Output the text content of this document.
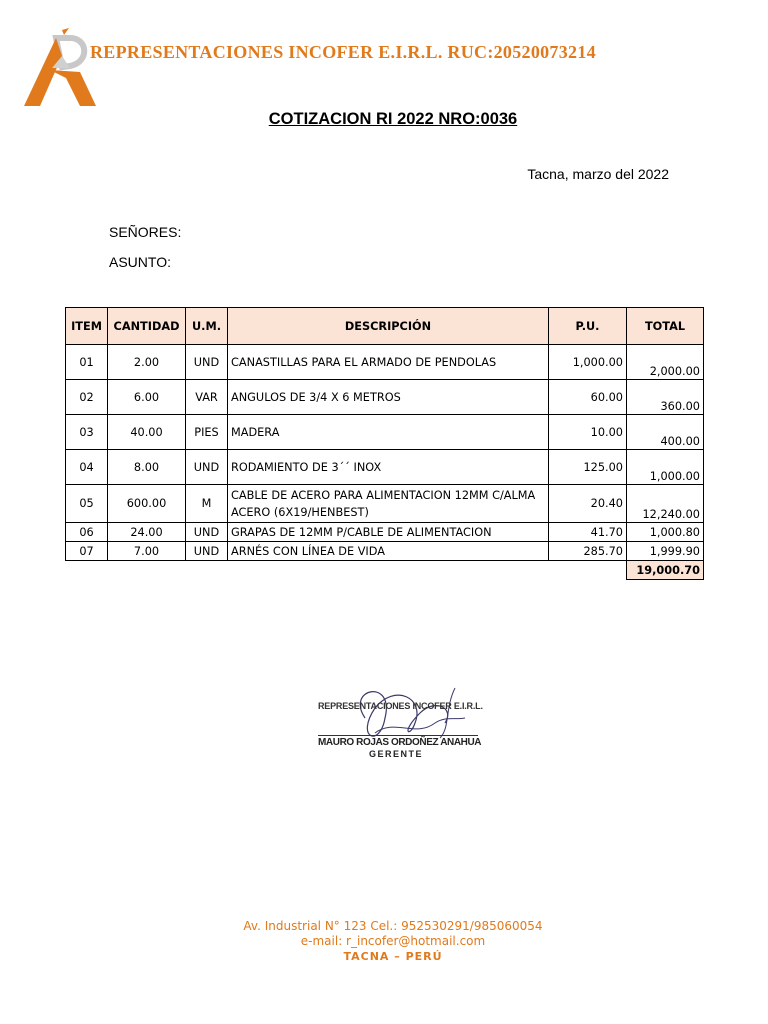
REPRESENTACIONES INCOFER E.I.R.L. RUC:20520073214
COTIZACION RI 2022 NRO:0036
Tacna, marzo del 2022
SEÑORES:
ASUNTO:
ITEM	CANTIDAD	U.M.	DESCRIPCIÓN	P.U.	TOTAL
01	2.00	UND	CANASTILLAS PARA EL ARMADO DE PENDOLAS	1,000.00	2,000.00
02	6.00	VAR	ANGULOS DE 3/4 X 6 METROS	60.00	360.00
03	40.00	PIES	MADERA	10.00	400.00
04	8.00	UND	RODAMIENTO DE 3´´ INOX	125.00	1,000.00
05	600.00	M	CABLE DE ACERO PARA ALIMENTACION 12MM C/ALMA ACERO (6X19/HENBEST)	20.40	12,240.00
06	24.00	UND	GRAPAS DE 12MM P/CABLE DE ALIMENTACION	41.70	1,000.80
07	7.00	UND	ARNÉS CON LÍNEA DE VIDA	285.70	1,999.90
					19,000.70
REPRESENTACIONES INCOFER E.I.R.L.
MAURO ROJAS ORDOÑEZ ANAHUA
GERENTE
Av. Industrial N° 123 Cel.: 952530291/985060054
e-mail: r_incofer@hotmail.com
TACNA – PERÚ
